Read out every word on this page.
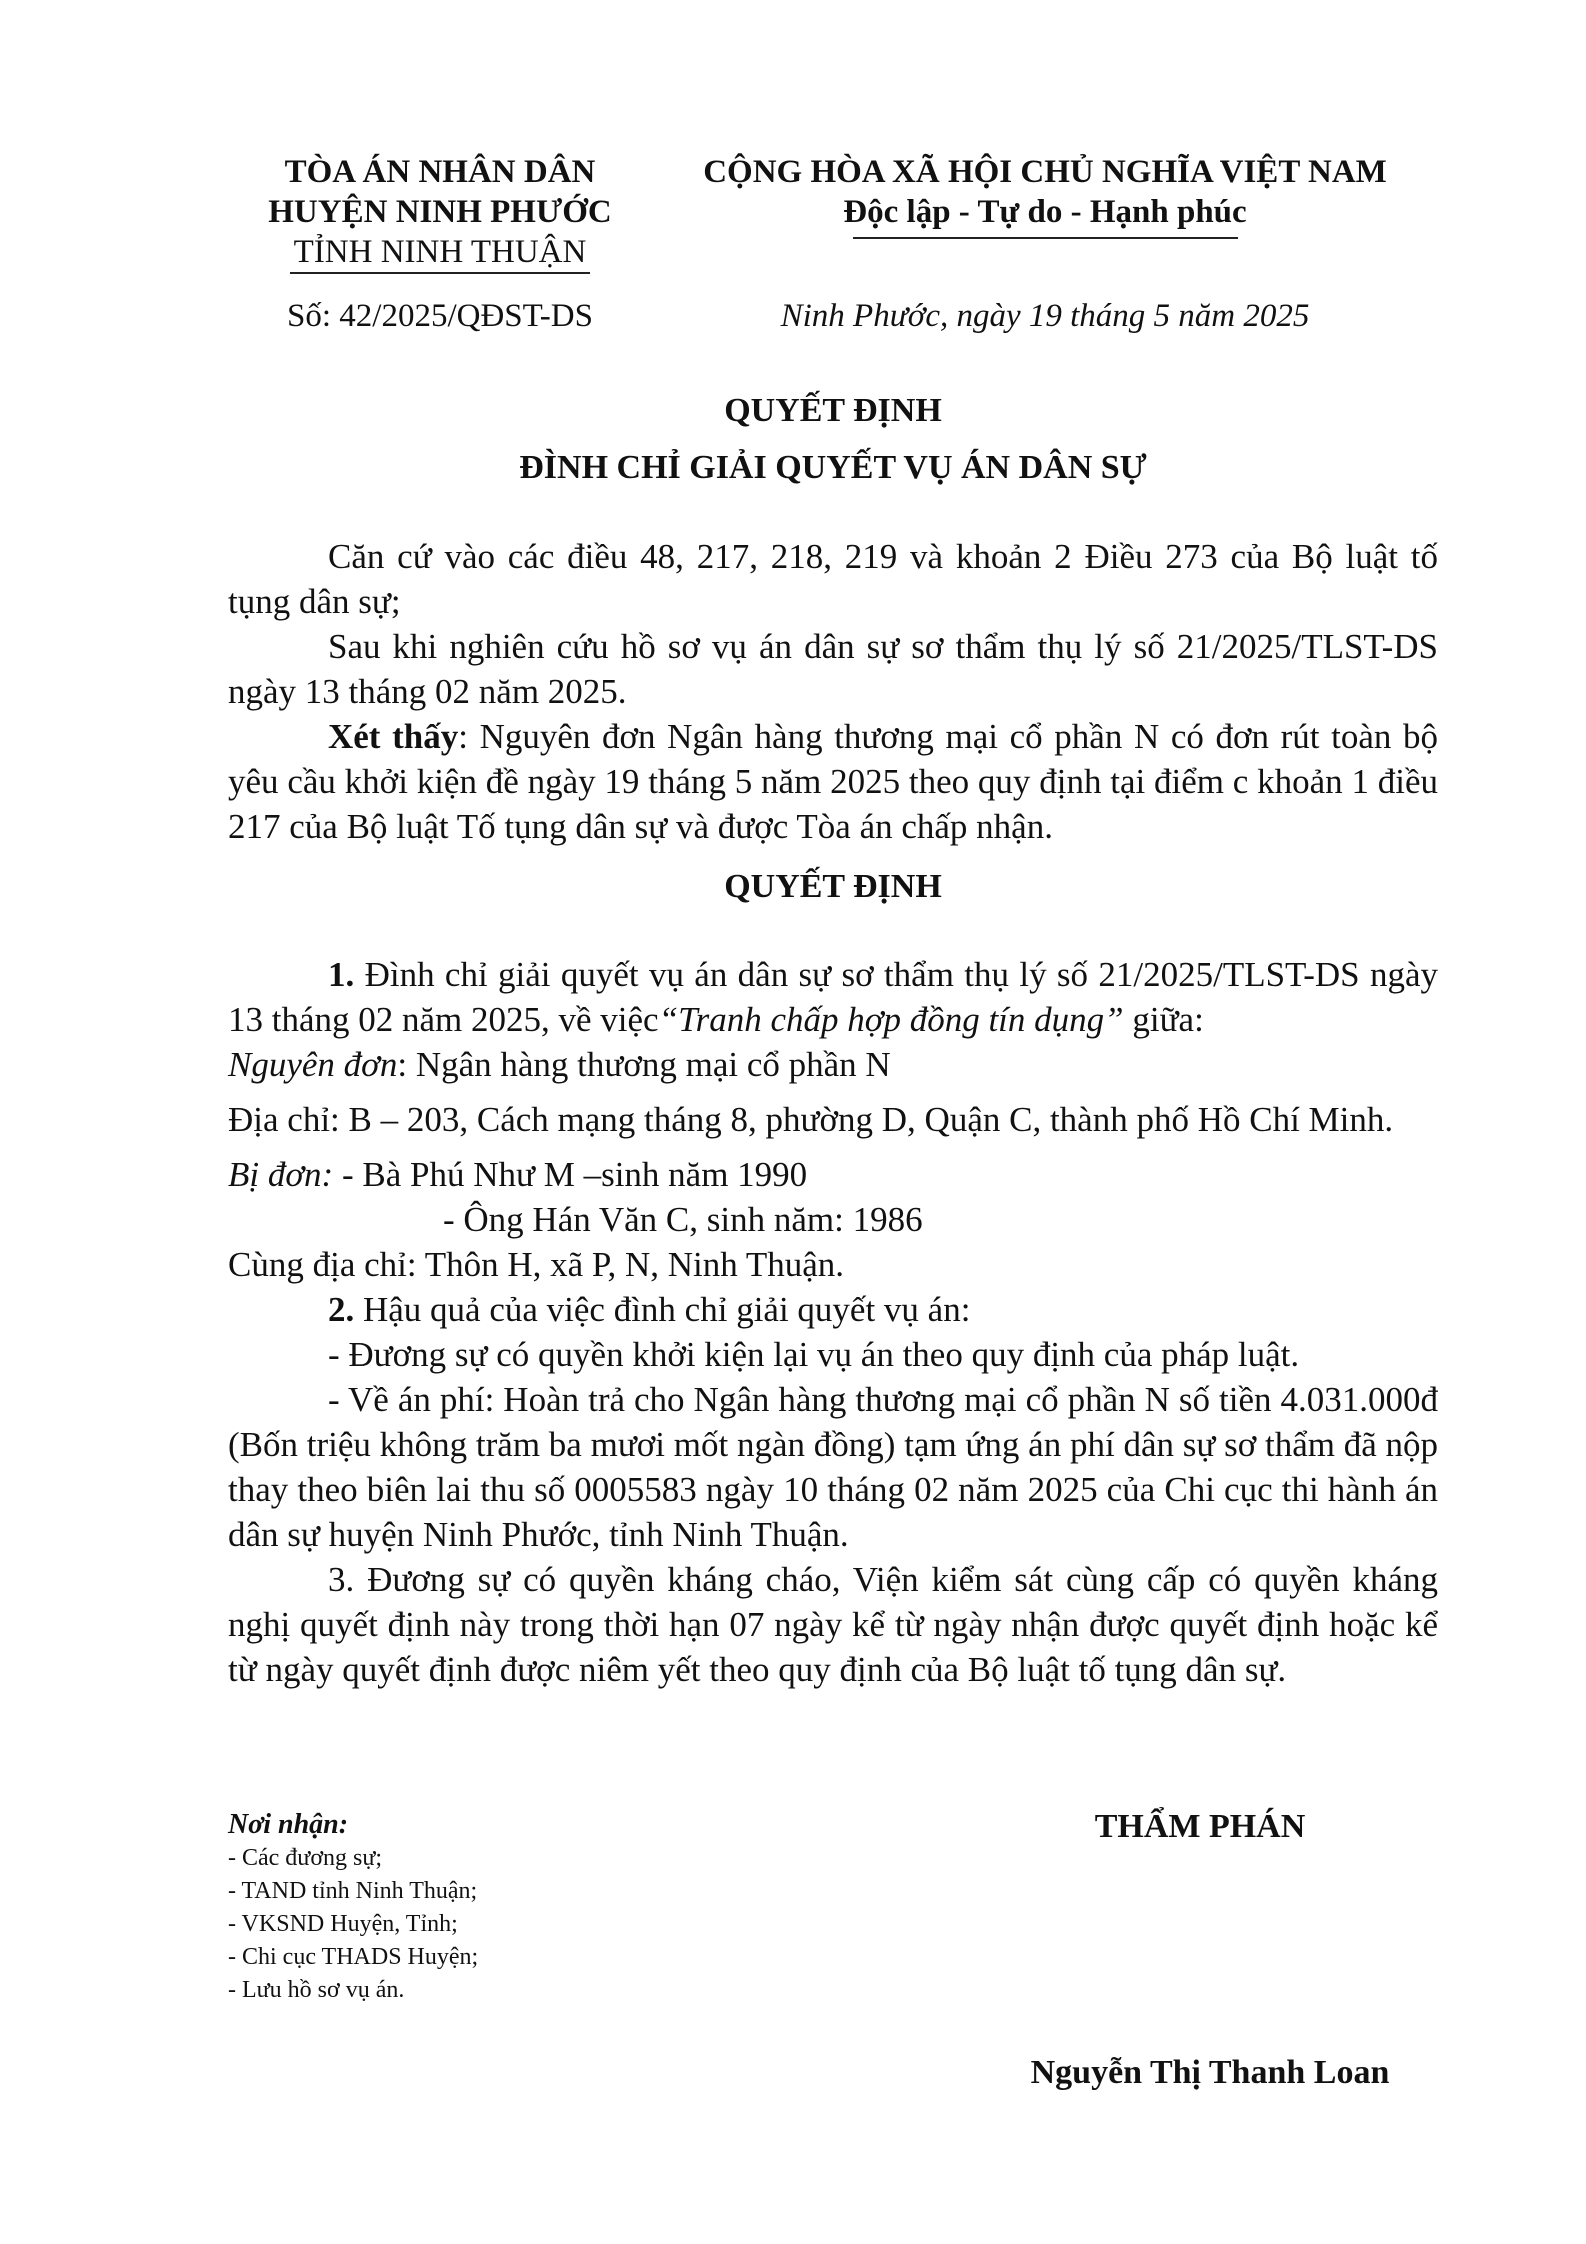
TÒA ÁN NHÂN DÂN
HUYỆN NINH PHƯỚC
TỈNH NINH THUẬN
Số: 42/2025/QĐST-DS
CỘNG HÒA XÃ HỘI CHỦ NGHĨA VIỆT NAM
Độc lập - Tự do - Hạnh phúc
Ninh Phước, ngày 19 tháng 5 năm 2025
QUYẾT ĐỊNH
ĐÌNH CHỈ GIẢI QUYẾT VỤ ÁN DÂN SỰ

Căn cứ vào các điều 48, 217, 218, 219 và khoản 2 Điều 273 của Bộ luật tố tụng dân sự;

Sau khi nghiên cứu hồ sơ vụ án dân sự sơ thẩm thụ lý số 21/2025/TLST-DS ngày 13 tháng 02 năm 2025.

Xét thấy: Nguyên đơn Ngân hàng thương mại cổ phần N có đơn rút toàn bộ yêu cầu khởi kiện đề ngày 19 tháng 5 năm 2025 theo quy định tại điểm c khoản 1 điều 217 của Bộ luật Tố tụng dân sự và được Tòa án chấp nhận.

QUYẾT ĐỊNH

1. Đình chỉ giải quyết vụ án dân sự sơ thẩm thụ lý số 21/2025/TLST-DS ngày 13 tháng 02 năm 2025, về việc“Tranh chấp hợp đồng tín dụng” giữa:

Nguyên đơn: Ngân hàng thương mại cổ phần N

Địa chỉ: B – 203, Cách mạng tháng 8, phường D, Quận C, thành phố Hồ Chí Minh.

Bị đơn: - Bà Phú Như M –sinh năm 1990

- Ông Hán Văn C, sinh năm: 1986

Cùng địa chỉ: Thôn H, xã P, N, Ninh Thuận.

2. Hậu quả của việc đình chỉ giải quyết vụ án:

- Đương sự có quyền khởi kiện lại vụ án theo quy định của pháp luật.

- Về án phí: Hoàn trả cho Ngân hàng thương mại cổ phần N số tiền 4.031.000đ (Bốn triệu không trăm ba mươi mốt ngàn đồng) tạm ứng án phí dân sự sơ thẩm đã nộp thay theo biên lai thu số 0005583 ngày 10 tháng 02 năm 2025 của Chi cục thi hành án dân sự huyện Ninh Phước, tỉnh Ninh Thuận.

3. Đương sự có quyền kháng cháo, Viện kiểm sát cùng cấp có quyền kháng nghị quyết định này trong thời hạn 07 ngày kể từ ngày nhận được quyết định hoặc kể từ ngày quyết định được niêm yết theo quy định của Bộ luật tố tụng dân sự.

Nơi nhận:
- Các đương sự;
- TAND tỉnh Ninh Thuận;
- VKSND Huyện, Tỉnh;
- Chi cục THADS Huyện;
- Lưu hồ sơ vụ án.
THẨM PHÁN
Nguyễn Thị Thanh Loan
